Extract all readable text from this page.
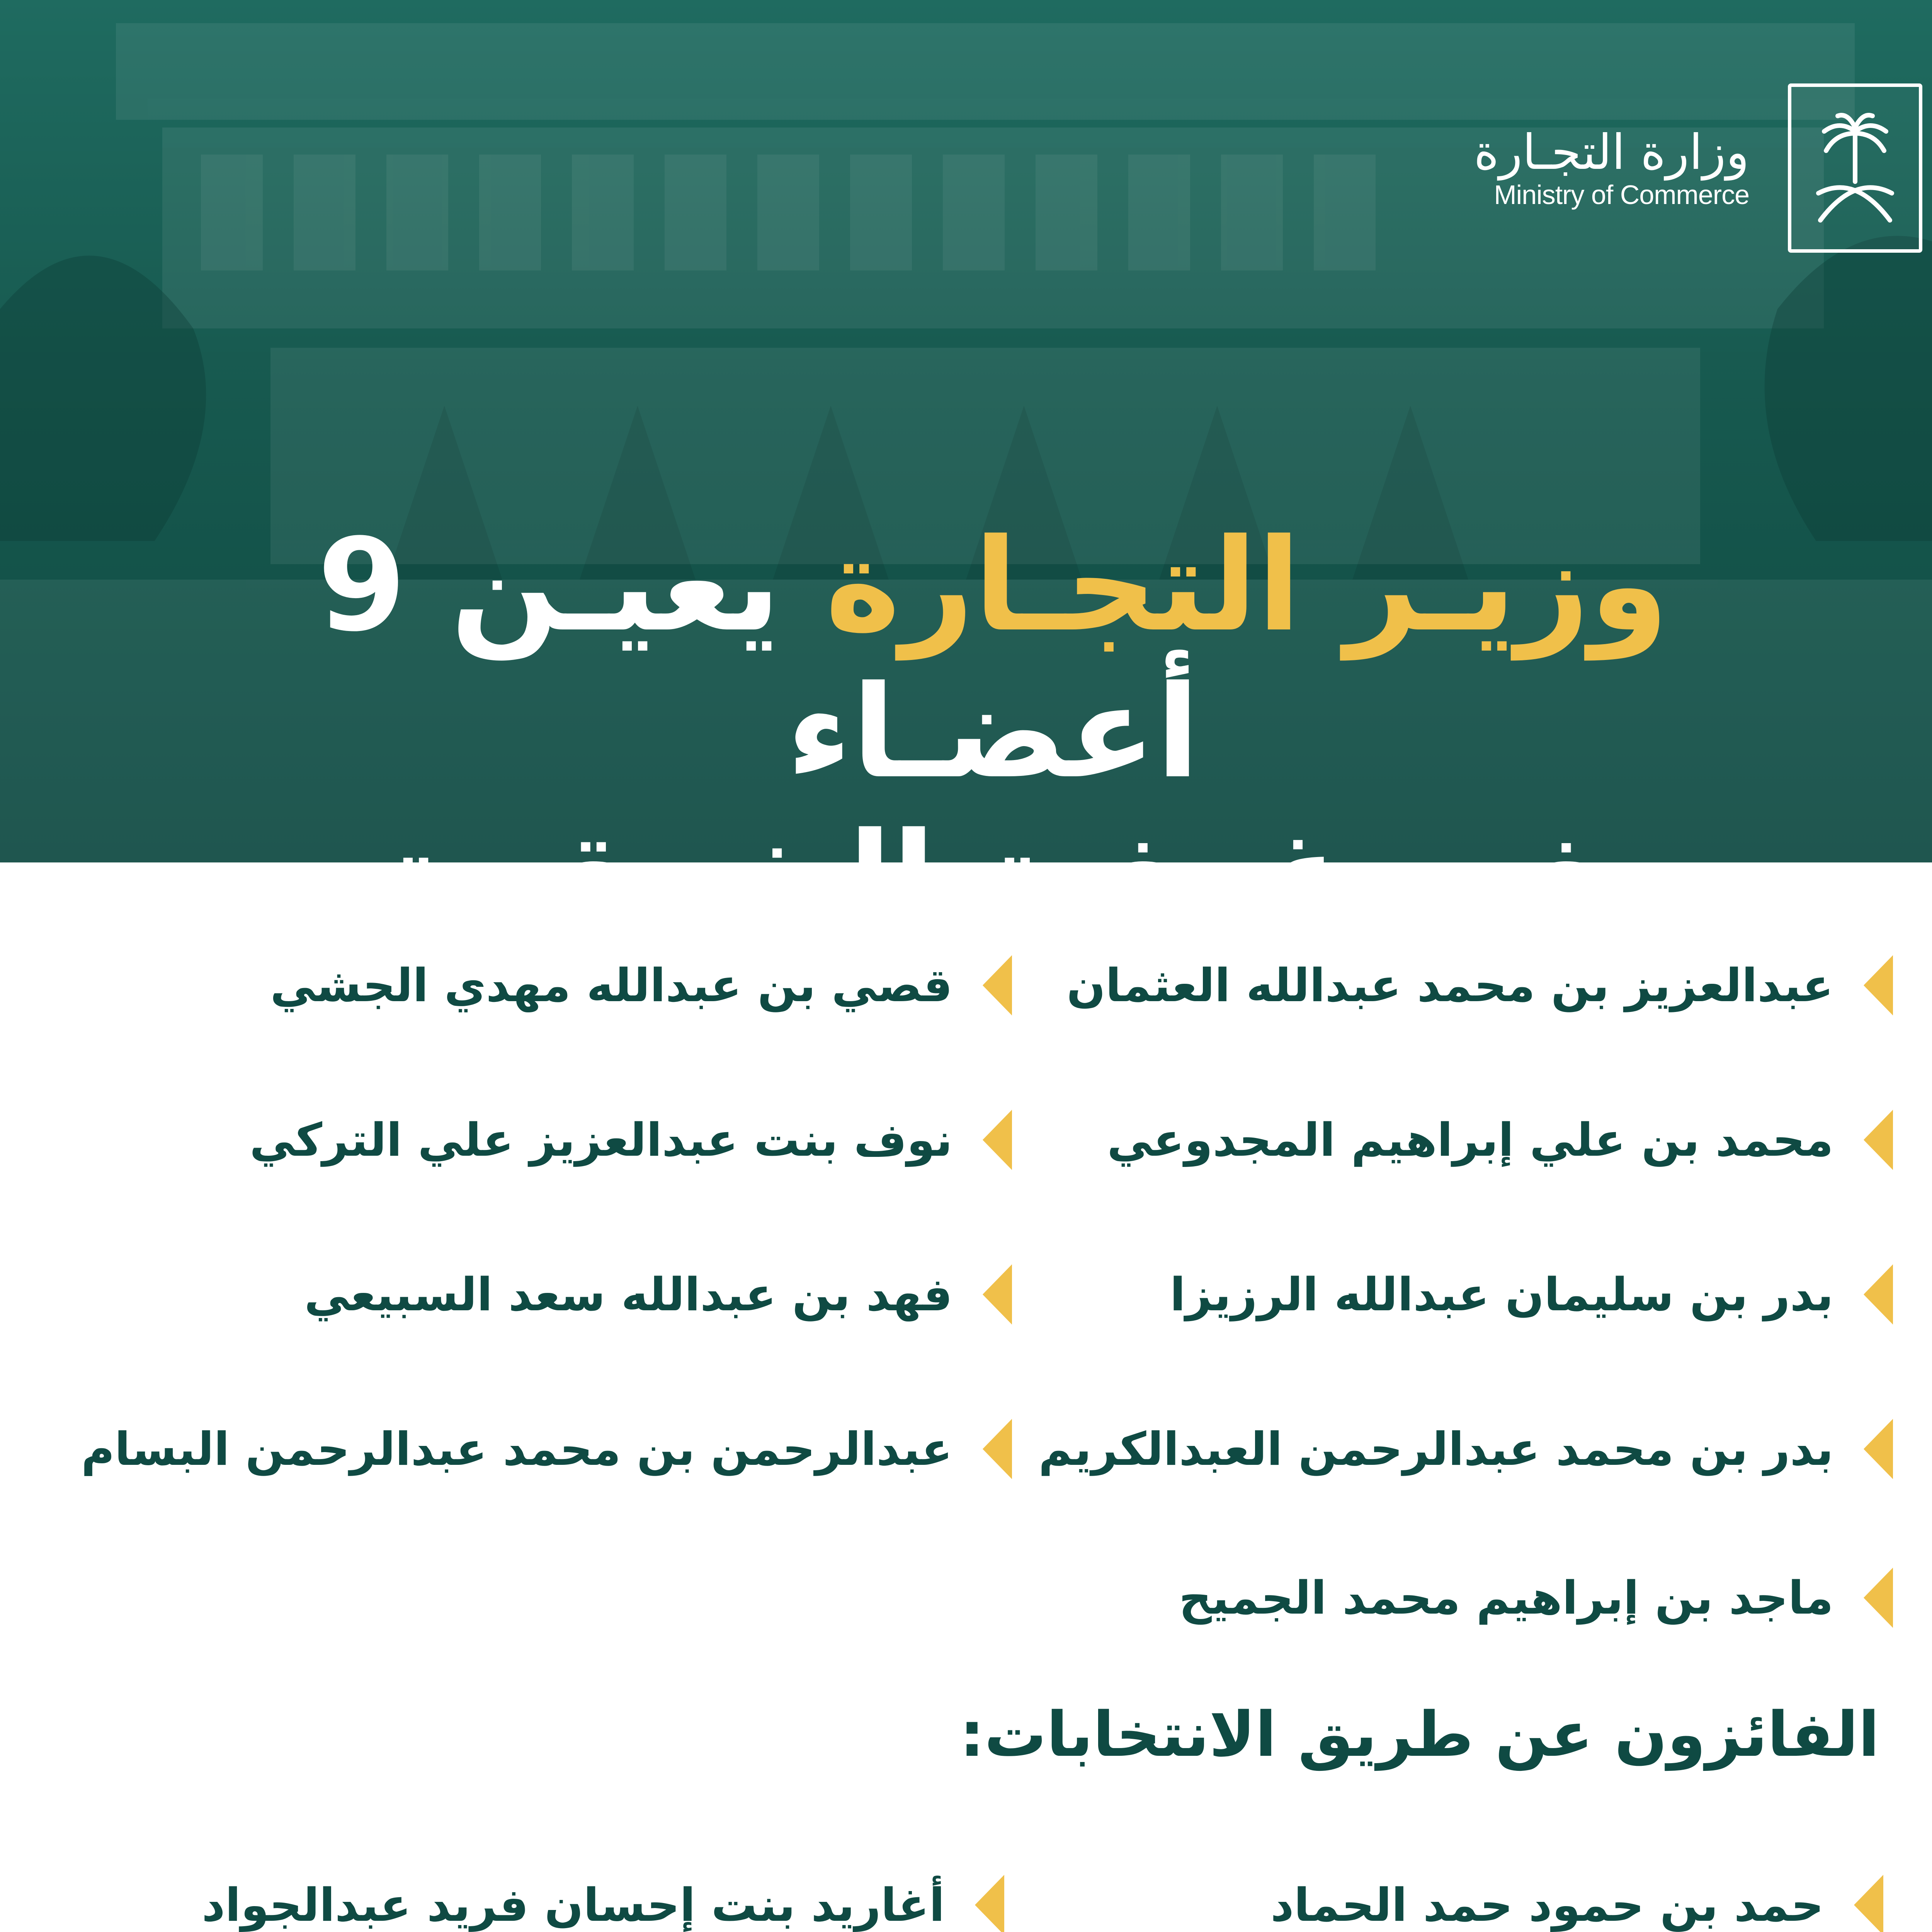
وزارة التجـارة
Ministry of Commerce
وزيـر التجـارة يعيـن 9 أعضـاء
في غرفـة الشرقيـة
عبدالعزيز بن محمد عبدالله العثمان
قصي بن عبدالله مهدي الجشي
محمد بن علي إبراهيم المجدوعي
نوف بنت عبدالعزيز علي التركي
بدر بن سليمان عبدالله الرزيزا
فهد بن عبدالله سعد السبيعي
بدر بن محمد عبدالرحمن العبدالكريم
عبدالرحمن بن محمد عبدالرحمن البسام
ماجد بن إبراهيم محمد الجميح
الفائزون عن طريق الانتخابات:
حمد بن حمود حمد الحماد
أغاريد بنت إحسان فريد عبدالجواد
